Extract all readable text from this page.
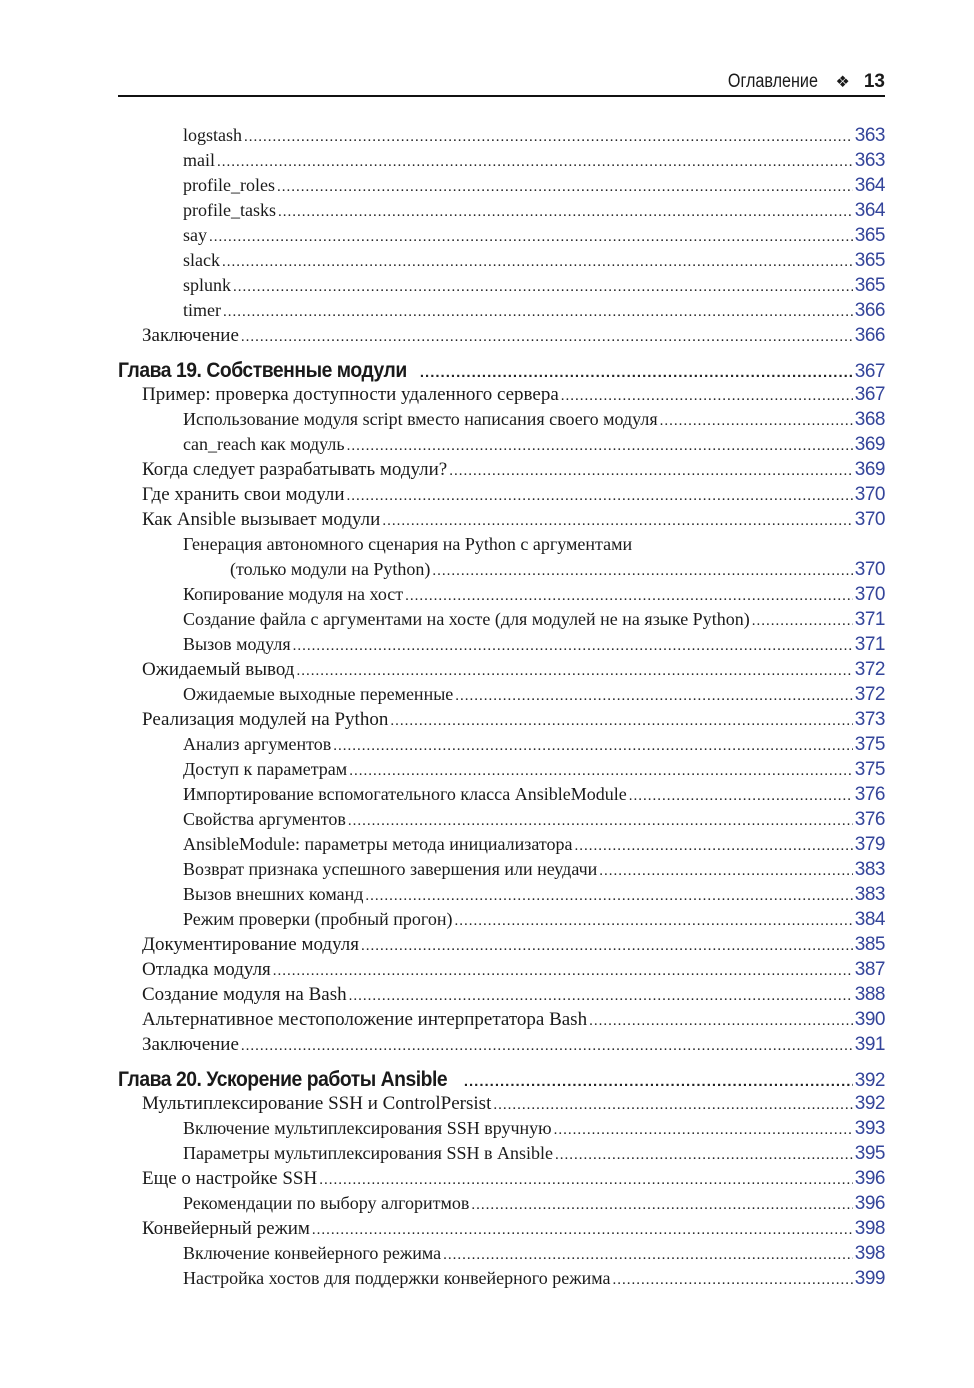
Оглавление ❖ 13
logstash .....	363
mail .....	363
profile_roles .....	364
profile_tasks .....	364
say .....	365
slack .....	365
splunk .....	365
timer .....	366
Заключение .....	366
Глава 19. Собственные модули .....	367
Пример: проверка доступности удаленного сервера .....	367
Использование модуля script вместо написания своего модуля .....	368
can_reach как модуль .....	369
Когда следует разрабатывать модули? .....	369
Где хранить свои модули .....	370
Как Ansible вызывает модули .....	370
Генерация автономного сценария на Python с аргументами
(только модули на Python) .....	370
Копирование модуля на хост .....	370
Создание файла с аргументами на хосте (для модулей не на языке Python) .....	371
Вызов модуля .....	371
Ожидаемый вывод .....	372
Ожидаемые выходные переменные .....	372
Реализация модулей на Python .....	373
Анализ аргументов .....	375
Доступ к параметрам .....	375
Импортирование вспомогательного класса AnsibleModule .....	376
Свойства аргументов .....	376
AnsibleModule: параметры метода инициализатора .....	379
Возврат признака успешного завершения или неудачи .....	383
Вызов внешних команд .....	383
Режим проверки (пробный прогон) .....	384
Документирование модуля .....	385
Отладка модуля .....	387
Создание модуля на Bash .....	388
Альтернативное местоположение интерпретатора Bash .....	390
Заключение .....	391
Глава 20. Ускорение работы Ansible .....	392
Мультиплексирование SSH и ControlPersist .....	392
Включение мультиплексирования SSH вручную .....	393
Параметры мультиплексирования SSH в Ansible .....	395
Еще о настройке SSH .....	396
Рекомендации по выбору алгоритмов .....	396
Конвейерный режим .....	398
Включение конвейерного режима .....	398
Настройка хостов для поддержки конвейерного режима .....	399
